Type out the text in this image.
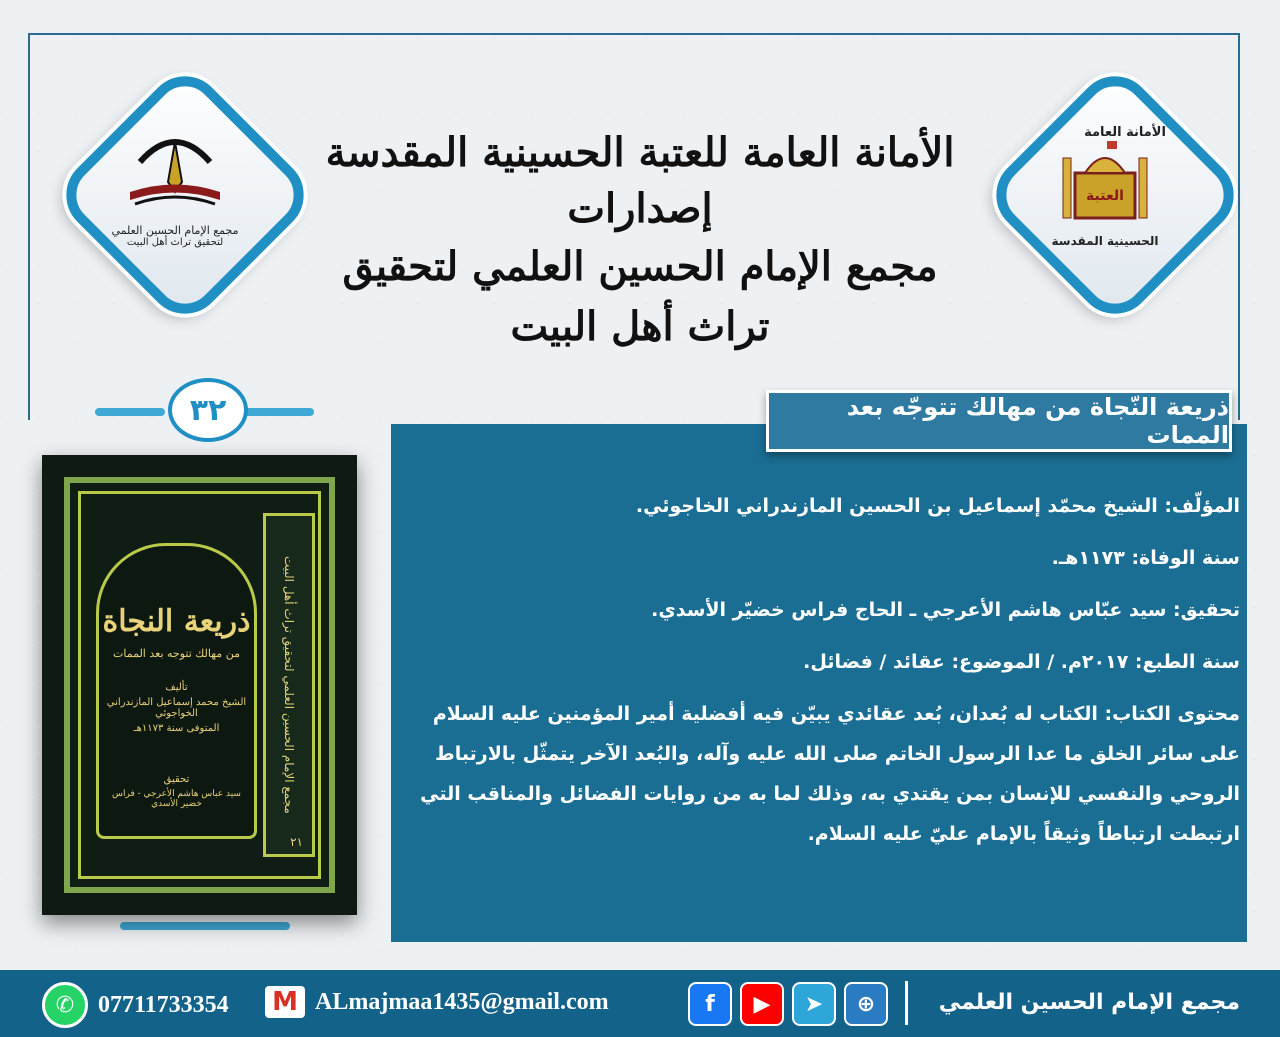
الأمانة العامة
العتبة
الحسينية المقدسة
مجمع الإمام الحسين العلمي
لتحقيق تراث أهل البيت
الأمانة العامة للعتبة الحسينية المقدسة
إصدارات
مجمع الإمام الحسين العلمي لتحقيق تراث أهل البيت
ذريعة النّجاة من مهالك تتوجّه بعد الممات
المؤلّف: الشيخ محمّد إسماعيل بن الحسين المازندراني الخاجوئي.
سنة الوفاة: ١١٧٣هـ.
تحقيق: سيد عبّاس هاشم الأعرجي ـ الحاج فراس خضيّر الأسدي.
سنة الطبع: ٢٠١٧م. / الموضوع: عقائد / فضائل.
محتوى الكتاب: الكتاب له بُعدان، بُعد عقائدي يبيّن فيه أفضلية أمير المؤمنين عليه السلام على سائر الخلق ما عدا الرسول الخاتم صلى الله عليه وآله، والبُعد الآخر يتمثّل بالارتباط الروحي والنفسي للإنسان بمن يقتدي به، وذلك لما به من روايات الفضائل والمناقب التي ارتبطت ارتباطاً وثيقاً بالإمام عليّ عليه السلام.
٣٢
ذريعة النجاة
من مهالك تتوجه بعد الممات
تأليف
الشيخ محمد إسماعيل المازندراني الخواجوئي
المتوفى سنة ١١٧٣هـ
تحقيق
سيد عباس هاشم الأعرجي - فراس خضير الأسدي	مجمع الإمام الحسين العلمي لتحقيق تراث أهل البيت
٢١
✆ 07711733354 M ALmajmaa1435@gmail.com	f	▶	➤	⊕	مجمع الإمام الحسين العلمي
